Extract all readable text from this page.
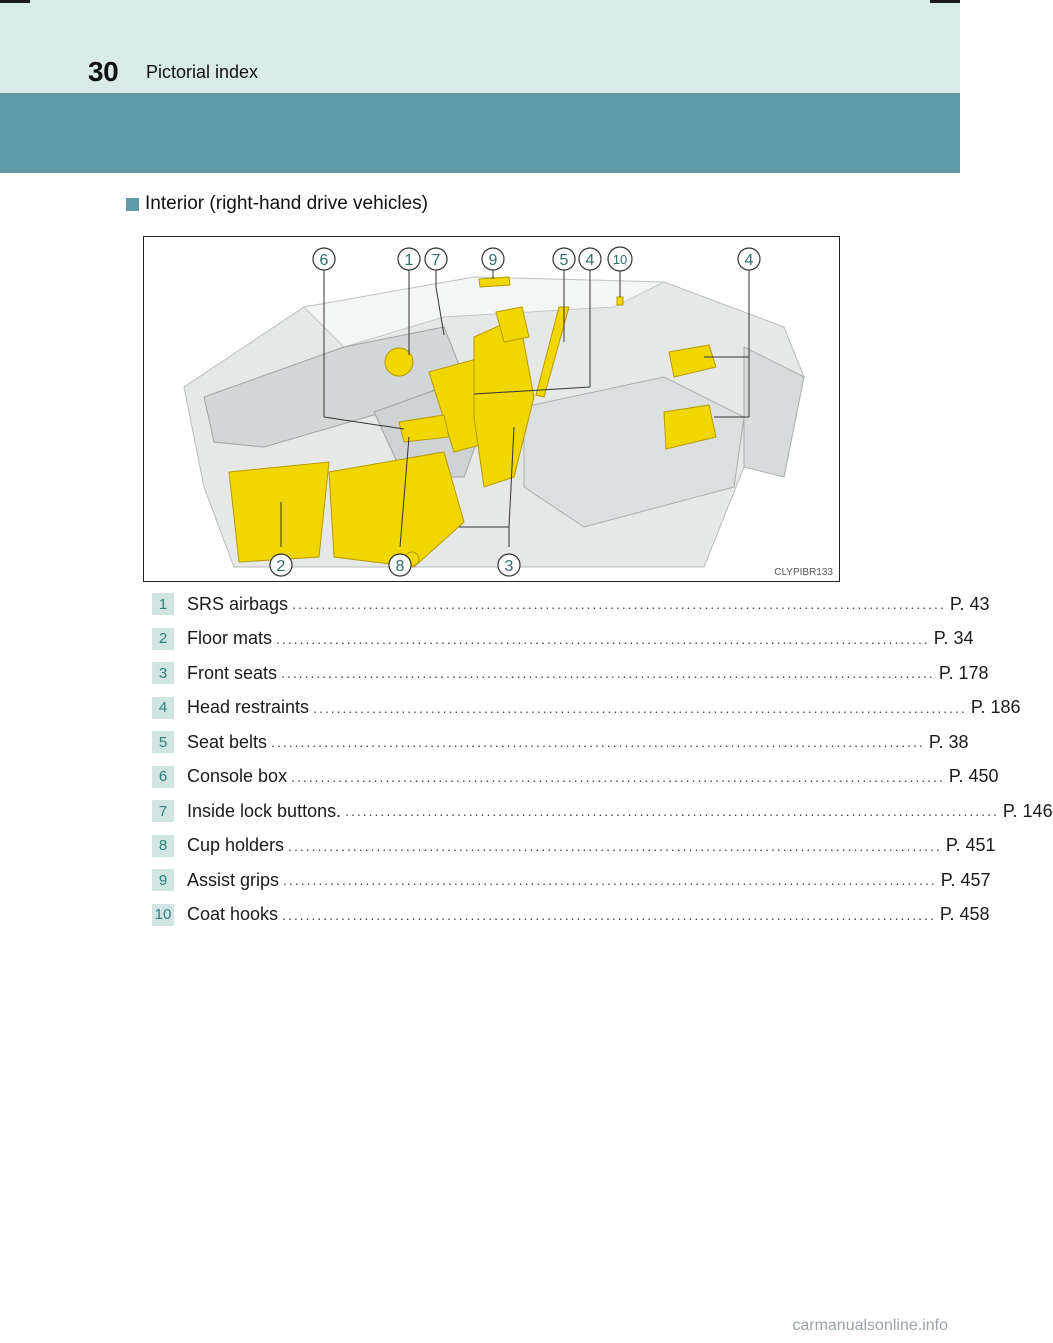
30 Pictorial index
Interior (right-hand drive vehicles)
6	1 7	9	5 4 10	4
2	8	3	CLYPIBR133
1	SRS airbags ............................................................................................................... P. 43
2	Floor mats ............................................................................................................... P. 34
3	Front seats ............................................................................................................... P. 178
4	Head restraints ............................................................................................................... P. 186
5	Seat belts ............................................................................................................... P. 38
6	Console box ............................................................................................................... P. 450
7	Inside lock buttons. ............................................................................................................... P. 146
8	Cup holders ............................................................................................................... P. 451
9	Assist grips ............................................................................................................... P. 457
10 Coat hooks ............................................................................................................... P. 458
carmanualsonline.info
